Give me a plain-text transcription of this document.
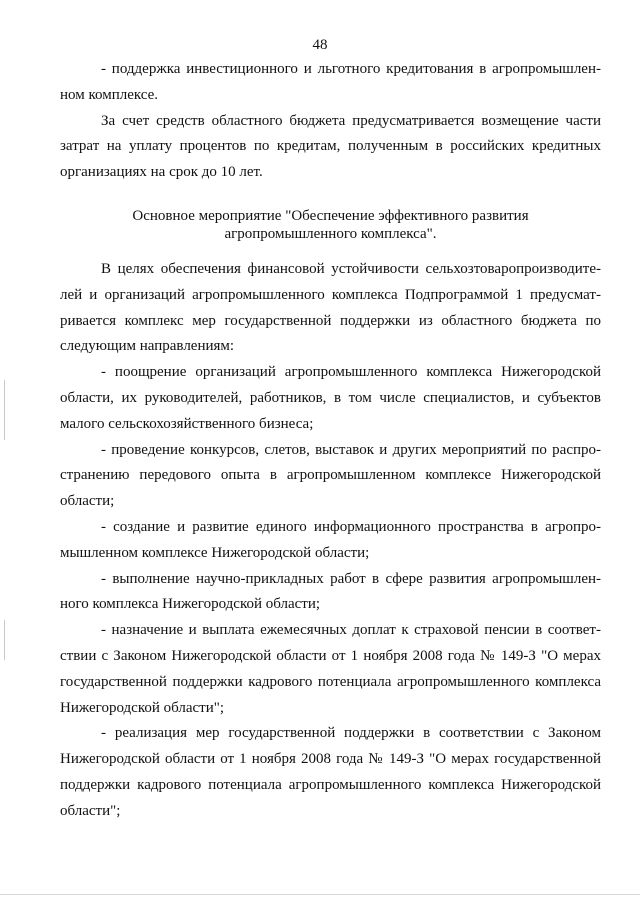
48

- поддержка инвестиционного и льготного кредитования в агропромышленном комплексе.

За счет средств областного бюджета предусматривается возмещение части затрат на уплату процентов по кредитам, полученным в российских кредитных организациях на срок до 10 лет.

Основное мероприятие "Обеспечение эффективного развития
агропромышленного комплекса".

В целях обеспечения финансовой устойчивости сельхозтоваропроизводителей и организаций агропромышленного комплекса Подпрограммой 1 предусматривается комплекс мер государственной поддержки из областного бюджета по следующим направлениям:

- поощрение организаций агропромышленного комплекса Нижегородской области, их руководителей, работников, в том числе специалистов, и субъектов малого сельскохозяйственного бизнеса;

- проведение конкурсов, слетов, выставок и других мероприятий по распространению передового опыта в агропромышленном комплексе Нижегородской области;

- создание и развитие единого информационного пространства в агропромышленном комплексе Нижегородской области;

- выполнение научно-прикладных работ в сфере развития агропромышленного комплекса Нижегородской области;

- назначение и выплата ежемесячных доплат к страховой пенсии в соответствии с Законом Нижегородской области от 1 ноября 2008 года № 149-З "О мерах государственной поддержки кадрового потенциала агропромышленного комплекса Нижегородской области";

- реализация мер государственной поддержки в соответствии с Законом Нижегородской области от 1 ноября 2008 года № 149-З "О мерах государственной поддержки кадрового потенциала агропромышленного комплекса Нижегородской области";
